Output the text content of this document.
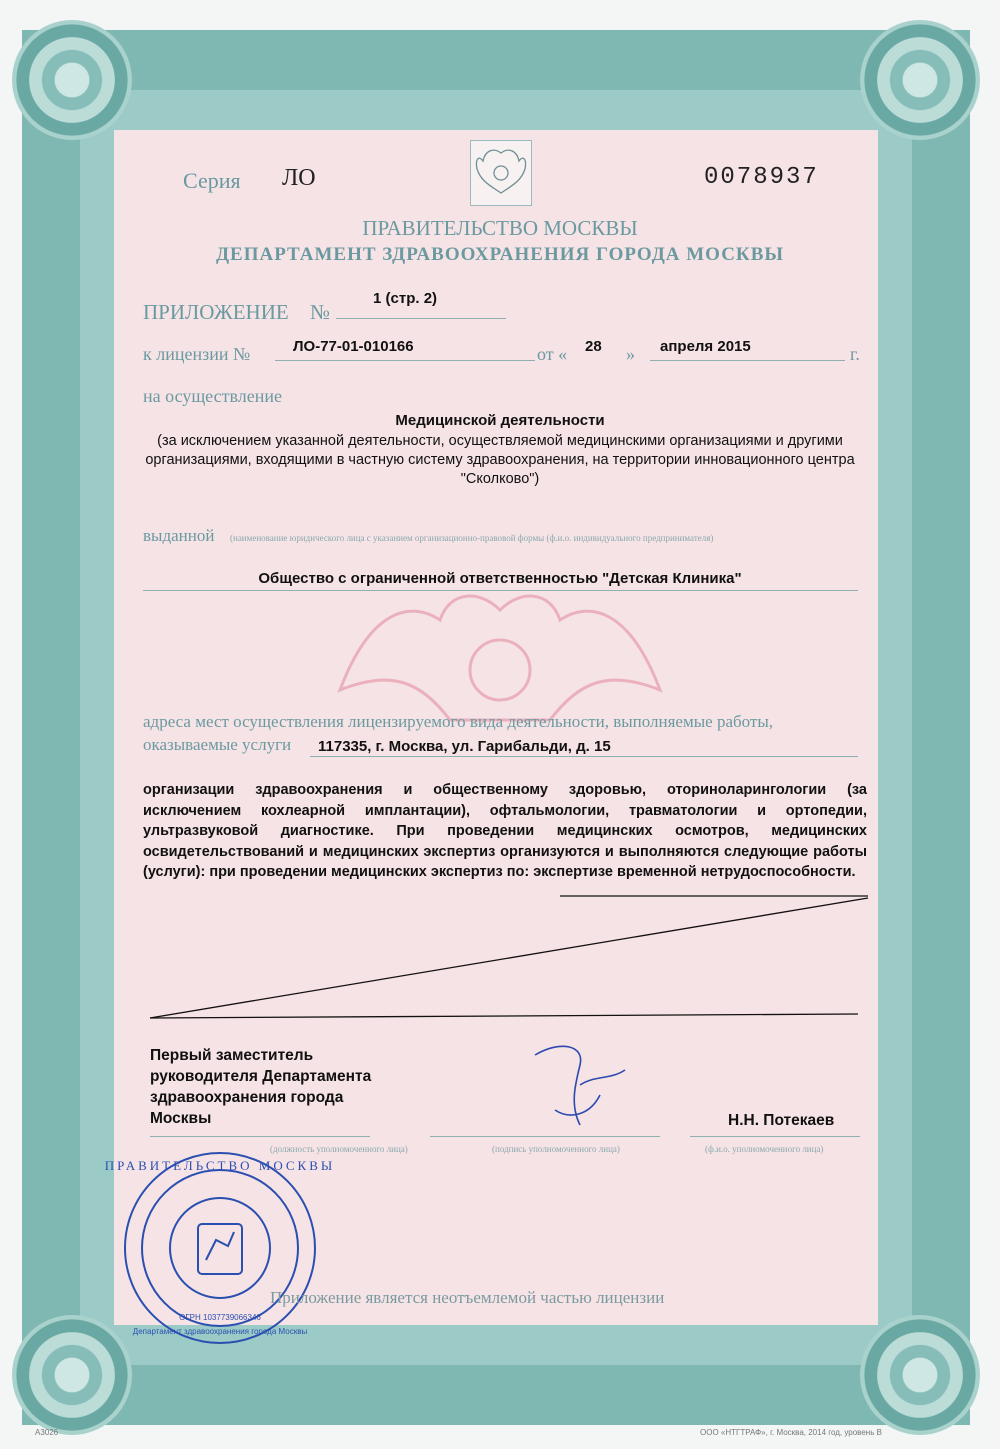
Серия ЛО	0078937
ПРАВИТЕЛЬСТВО МОСКВЫ
ДЕПАРТАМЕНТ ЗДРАВООХРАНЕНИЯ ГОРОДА МОСКВЫ
ПРИЛОЖЕНИЕ №
1 (стр. 2)
к лицензии №	ЛО-77-01-010166	от « 28 » апреля 2015	г.
на осуществление
Медицинской деятельности
(за исключением указанной деятельности, осуществляемой медицинскими организациями и другими организациями, входящими в частную систему здравоохранения, на территории инновационного центра "Сколково")
выданной (наименование юридического лица с указанием организационно-правовой формы (ф.и.о. индивидуального предпринимателя)
Общество с ограниченной ответственностью "Детская Клиника"
адреса мест осуществления лицензируемого вида деятельности, выполняемые работы,
оказываемые услуги 117335, г. Москва, ул. Гарибальди, д. 15
организации здравоохранения и общественному здоровью, оториноларингологии (за исключением кохлеарной имплантации), офтальмологии, травматологии и ортопедии, ультразвуковой диагностике. При проведении медицинских осмотров, медицинских освидетельствований и медицинских экспертиз организуются и выполняются следующие работы (услуги): при проведении медицинских экспертиз по: экспертизе временной нетрудоспособности.
Первый заместитель
руководителя Департамента
здравоохранения города
Москвы	Н.Н. Потекаев
(должность уполномоченного лица)	(подпись уполномоченного лица)	(ф.и.о. уполномоченного лица)
ПРАВИТЕЛЬСТВО МОСКВЫ
Департамент здравоохранения города Москвы
ОГРН 1037739066346
Приложение является неотъемлемой частью лицензии
А3026	ООО «НТГТРАФ», г. Москва, 2014 год, уровень В
